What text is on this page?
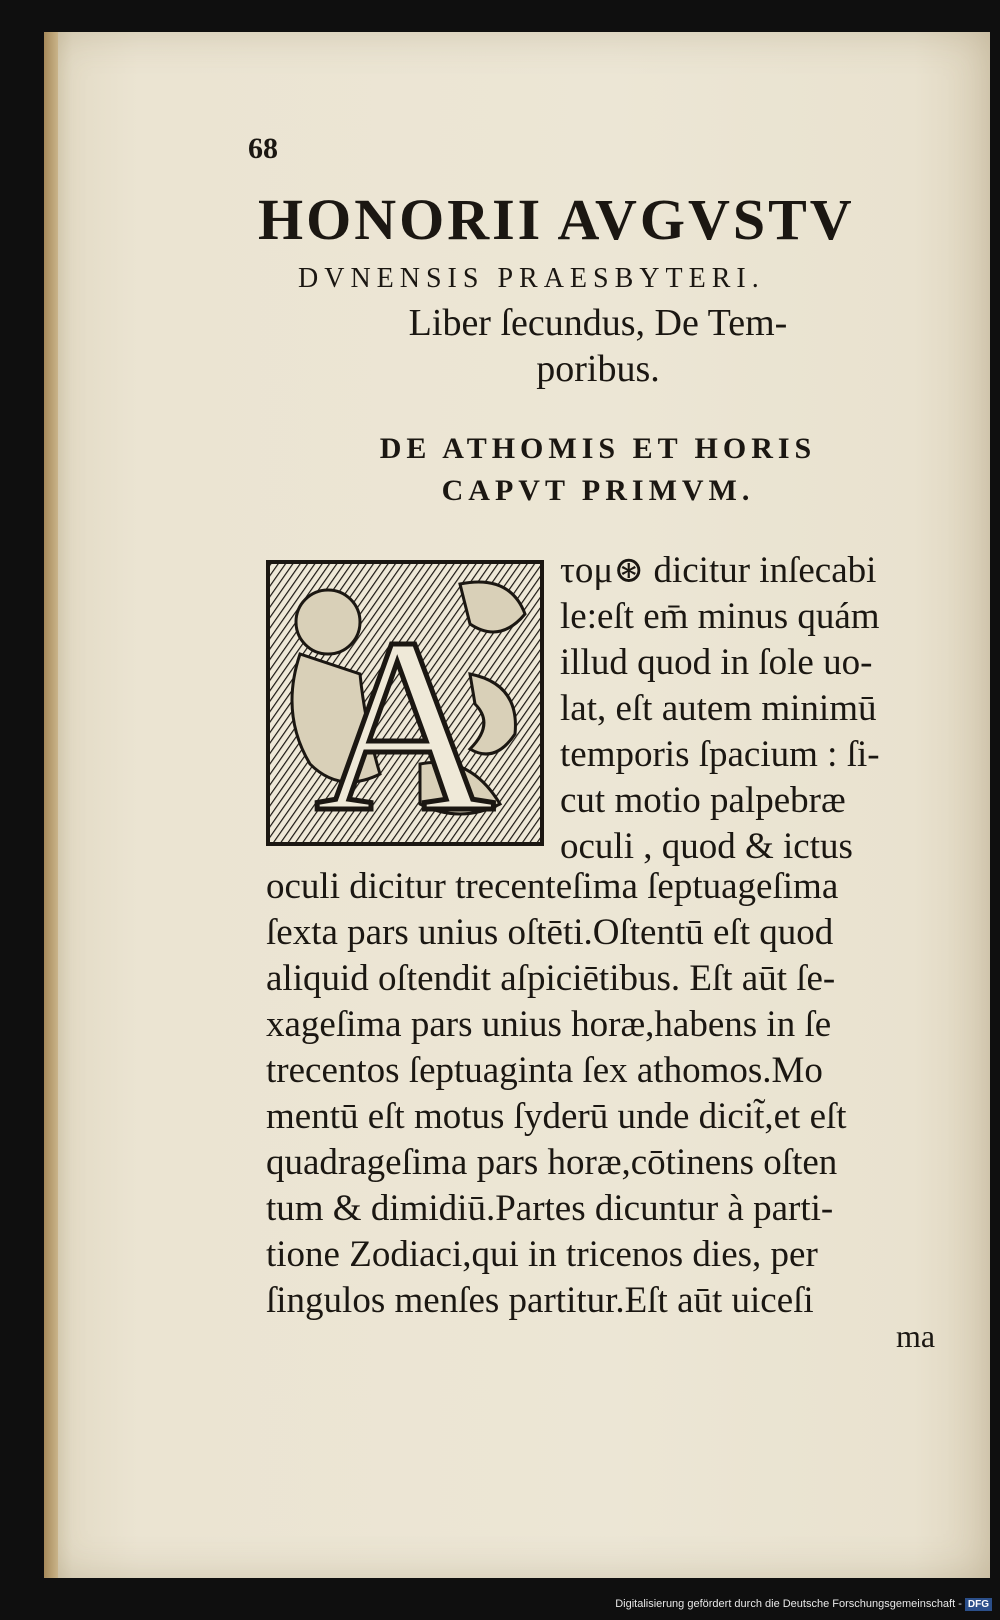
68
HONORII AVGVSTV
DVNENSIS PRAESBYTERI.
Liber ſecundus, De Tem-
poribus.
DE ATHOMIS ET HORIS
CAPVT PRIMVM.
A
τομ⊛ dicitur inſecabi
le:eſt em̄ minus quám
illud quod in ſole uo-
lat, eſt autem minimū
temporis ſpacium : ſi-
cut motio palpebræ
oculi , quod & ictus
oculi dicitur trecenteſima ſeptuageſima
ſexta pars unius oſtēti.Oſtentū eſt quod
aliquid oſtendit aſpiciētibus. Eſt aūt ſe-
xageſima pars unius horæ,habens in ſe
trecentos ſeptuaginta ſex athomos.Mo
mentū eſt motus ſyderū unde dicit̃,et eſt
quadrageſima pars horæ,cōtinens oſten
tum & dimidiū.Partes dicuntur à parti-
tione Zodiaci,qui in tricenos dies, per
ſingulos menſes partitur.Eſt aūt uiceſi
ma
Digitalisierung gefördert durch die Deutsche Forschungsgemeinschaft - DFG
